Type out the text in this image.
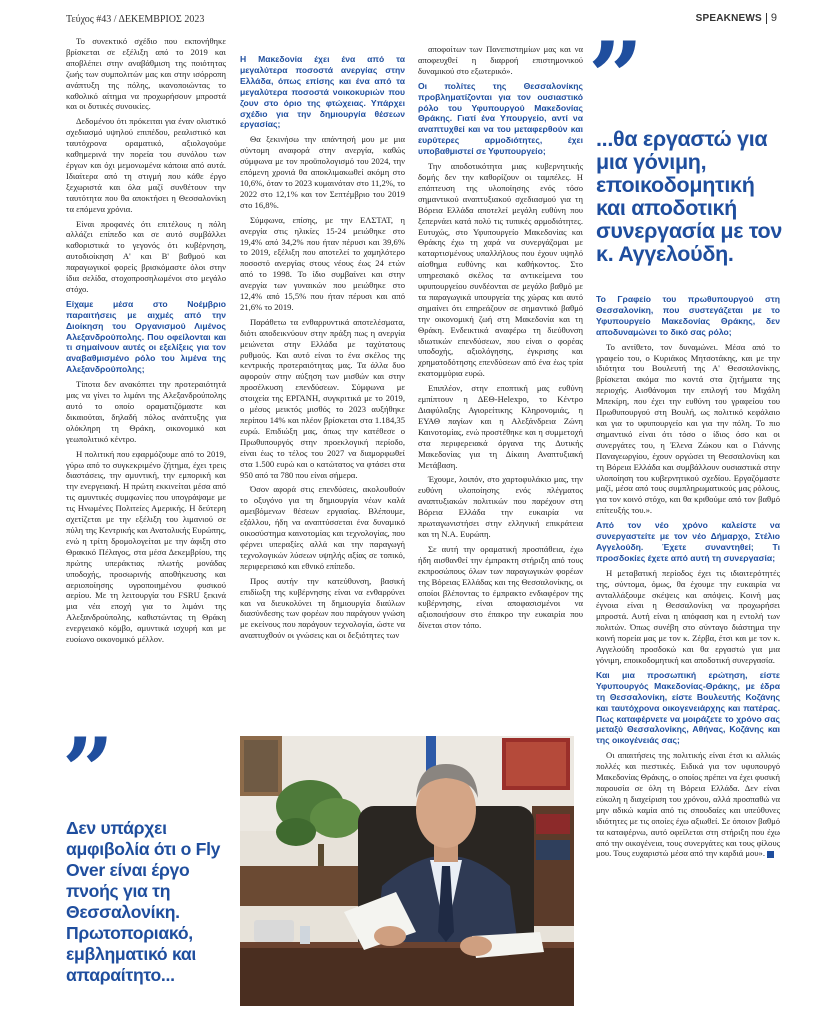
Τεύχος #43 / ΔΕΚΕΜΒΡΙΟΣ 2023	SPEAKNEWS 9

Το συνεκτικό σχέδιο που εκπονήθηκε βρίσκεται σε εξέλιξη από το 2019 και αποβλέπει στην αναβάθμιση της ποιότητας ζωής των συμπολιτών μας και στην ισόρροπη ανάπτυξη της πόλης, ικανοποιώντας το καθολικό αίτημα να προχωρήσουν μπροστά και οι δυτικές συνοικίες.

Δεδομένου ότι πρόκειται για έναν ολιστικό σχεδιασμό υψηλού επιπέδου, ρεαλιστικό και ταυτόχρονα οραματικό, αξιολογούμε καθημερινά την πορεία του συνόλου των έργων και όχι μεμονωμένα κάποια από αυτά. Ιδιαίτερα από τη στιγμή που κάθε έργο ξεχωριστά και όλα μαζί συνθέτουν την ταυτότητα που θα αποκτήσει η Θεσσαλονίκη τα επόμενα χρόνια.

Είναι προφανές ότι επιτέλους η πόλη αλλάζει επίπεδο και σε αυτό συμβάλλει καθοριστικά το γεγονός ότι κυβέρνηση, αυτοδιοίκηση Α' και Β' βαθμού και παραγωγικοί φορείς βρισκόμαστε όλοι στην ίδια σελίδα, στοχοπροσηλωμένοι στο μεγάλο στόχο.

Είχαμε μέσα στο Νοέμβριο παραιτήσεις με αιχμές από την Διοίκηση του Οργανισμού Λιμένος Αλεξανδρούπολης. Που οφείλονται και τι σημαίνουν αυτές οι εξελίξεις για τον αναβαθμισμένο ρόλο του λιμένα της Αλεξανδρούπολης;

Τίποτα δεν ανακόπτει την προτεραιότητά μας να γίνει το λιμάνι της Αλεξανδρούπολης αυτό το οποίο οραματιζόμαστε και δικαιούται, δηλαδή πόλος ανάπτυξης για ολόκληρη τη Θράκη, οικονομικό και γεωπολιτικό κέντρο.

Η πολιτική που εφαρμόζουμε από το 2019, γύρω από το συγκεκριμένο ζήτημα, έχει τρεις διαστάσεις, την αμυντική, την εμπορική και την ενεργειακή. Η πρώτη εκκινείται μέσα από τις αμυντικές συμφωνίες που υπογράψαμε με τις Ηνωμένες Πολιτείες Αμερικής. Η δεύτερη σχετίζεται με την εξέλιξη του λιμανιού σε πύλη της Κεντρικής και Ανατολικής Ευρώπης, ενώ η τρίτη δρομολογείται με την άφιξη στο Θρακικό Πέλαγος, στα μέσα Δεκεμβρίου, της πρώτης υπεράκτιας πλωτής μονάδας υποδοχής, προσωρινής αποθήκευσης και αεριοποίησης υγροποιημένου φυσικού αερίου. Με τη λειτουργία του FSRU ξεκινά μια νέα εποχή για το λιμάνι της Αλεξανδρούπολης, καθιστώντας τη Θράκη ενεργειακό κόμβο, αμυντικά ισχυρή και με ευοίωνο οικονομικό μέλλον.

Η Μακεδονία έχει ένα από τα μεγαλύτερα ποσοστά ανεργίας στην Ελλάδα, όπως επίσης και ένα από τα μεγαλύτερα ποσοστά νοικοκυριών που ζουν στο όριο της φτώχειας. Υπάρχει σχέδιο για την δημιουργία θέσεων εργασίας;

Θα ξεκινήσω την απάντησή μου με μια σύντομη αναφορά στην ανεργία, καθώς σύμφωνα με τον προϋπολογισμό του 2024, την επόμενη χρονιά θα αποκλιμακωθεί ακόμη στο 10,6%, όταν το 2023 κυμαινόταν στο 11,2%, το 2022 στο 12,1% και τον Σεπτέμβριο του 2019 στο 16,8%.

Σύμφωνα, επίσης, με την ΕΛΣΤΑΤ, η ανεργία στις ηλικίες 15-24 μειώθηκε στο 19,4% από 34,2% που ήταν πέρυσι και 39,6% το 2019, εξέλιξη που αποτελεί το χαμηλότερο ποσοστό ανεργίας στους νέους έως 24 ετών από το 1998. Το ίδιο συμβαίνει και στην ανεργία των γυναικών που μειώθηκε στο 12,4% από 15,5% που ήταν πέρυσι και από 21,6% το 2019.

Παράθετω τα ενθαρρυντικά αποτελέσματα, διότι αποδεικνύουν στην πράξη πως η ανεργία μειώνεται στην Ελλάδα με ταχύτατους ρυθμούς. Και αυτό είναι το ένα σκέλος της κεντρικής προτεραιότητας μας. Τα άλλα δυο αφορούν στην αύξηση των μισθών και στην προσέλκυση επενδύσεων. Σύμφωνα με στοιχεία της ΕΡΓΑΝΗ, συγκριτικά με το 2019, ο μέσος μεικτός μισθός το 2023 αυξήθηκε περίπου 14% και πλέον βρίσκεται στα 1.184,35 ευρώ. Επιδιώξη μας, όπως την κατέθεσε ο Πρωθυπουργός στην προεκλογική περίοδο, είναι έως το τέλος του 2027 να διαμορφωθεί στα 1.500 ευρώ και ο κατώτατος να φτάσει στα 950 από τα 780 που είναι σήμερα.

Όσον αφορά στις επενδύσεις, ακολουθούν το οξυγόνο για τη δημιουργία νέων καλά αμειβόμενων θέσεων εργασίας. Βλέπουμε, εξάλλου, ήδη να αναπτύσσεται ένα δυναμικό οικοσύστημα καινοτομίας και τεχνολογίας, που φέρνει υπεραξίες αλλά και την παραγωγή τεχνολογικών λύσεων υψηλής αξίας σε τοπικό, περιφερειακό και εθνικό επίπεδο.

Προς αυτήν την κατεύθυνση, βασική επιδίωξη της κυβέρνησης είναι να ενθαρρύνει και να διευκολύνει τη δημιουργία διαύλων διασύνδεσης των φορέων που παράγουν γνώση με εκείνους που παράγουν τεχνολογία, ώστε να αναπτυχθούν οι γνώσεις και οι δεξιότητες των

αποφοίτων των Πανεπιστημίων μας και να αποφευχθεί η διαρροή επιστημονικού δυναμικού στο εξωτερικό».

Οι πολίτες της Θεσσαλονίκης προβληματίζονται για τον ουσιαστικό ρόλο του Υφυπουργού Μακεδονίας Θράκης. Γιατί ένα Υπουργείο, αντί να αναπτυχθεί και να του μεταφερθούν και ευρύτερες αρμοδιότητες, έχει υποβαθμιστεί σε Υφυπουργείο;

Την αποδοτικότητα μιας κυβερνητικής δομής δεν την καθορίζουν οι ταμπέλες. Η επόπτευση της υλοποίησης ενός τόσο σημαντικού αναπτυξιακού σχεδιασμού για τη Βόρεια Ελλάδα αποτελεί μεγάλη ευθύνη που ξεπερνάει κατά πολύ τις τυπικές αρμοδιότητες. Ευτυχώς, στο Υφυπουργείο Μακεδονίας και Θράκης έχω τη χαρά να συνεργάζομαι με καταρτισμένους υπαλλήλους που έχουν υψηλό αίσθημα ευθύνης και καθήκοντος. Στο υπηρεσιακό σκέλος τα αντικείμενα του υφυπουργείου συνδέονται σε μεγάλο βαθμό με τα παραγωγικά υπουργεία της χώρας και αυτό σημαίνει ότι επηρεάζουν σε σημαντικό βαθμό την οικονομική ζωή στη Μακεδονία και τη Θράκη. Ενδεικτικά αναφέρω τη διεύθυνση ιδιωτικών επενδύσεων, που είναι ο φορέας υποδοχής, αξιολόγησης, έγκρισης και χρηματοδότησης επενδύσεων από ένα έως τρία εκατομμύρια ευρώ.

Επιπλέον, στην εποπτική μας ευθύνη εμπίπτουν η ΔΕΘ-Helexpo, το Κέντρο Διαφύλαξης Αγιορείτικης Κληρονομιάς, η ΕΥΑΘ παγίων και η Αλεξάνδρεια Ζώνη Καινοτομίας, ενώ προστέθηκε και η συμμετοχή στα περιφερειακά όργανα της Δυτικής Μακεδονίας για τη Δίκαιη Αναπτυξιακή Μετάβαση.

Έχουμε, λοιπόν, στο χαρτοφυλάκιο μας, την ευθύνη υλοποίησης ενός πλέγματος αναπτυξιακών πολιτικών που παρέχουν στη Βόρεια Ελλάδα την ευκαιρία να πρωταγωνιστήσει στην ελληνική επικράτεια και τη Ν.Α. Ευρώπη.

Σε αυτή την οραματική προσπάθεια, έχω ήδη αισθανθεί την έμπρακτη στήριξη από τους εκπροσώπους όλων των παραγωγικών φορέων της Βόρειας Ελλάδας και της Θεσσαλονίκης, οι οποίοι βλέποντας το έμπρακτο ενδιαφέρον της κυβέρνησης, είναι αποφασισμένοι να αξιοποιήσουν στο έπακρο την ευκαιρία που δίνεται στον τόπο.

Το Γραφείο του πρωθυπουργού στη Θεσσαλονίκη, που συστεγάζεται με το Υφυπουργείο Μακεδονίας Θράκης, δεν αποδυναμώνει το δικό σας ρόλο;

Το αντίθετο, τον δυναμώνει. Μέσα από το γραφείο του, ο Κυριάκος Μητσοτάκης, και με την ιδιότητα του Βουλευτή της Α' Θεσσαλονίκης, βρίσκεται ακόμα πιο κοντά στα ζητήματα της περιοχής. Αισθάνομαι την επιλογή του Μιχάλη Μπεκίρη, που έχει την ευθύνη του γραφείου του Πρωθυπουργού στη Βουλή, ως πολιτικό κεφάλαιο και για το υφυπουργείο και για την πόλη. Το πιο σημαντικό είναι ότι τόσο ο ίδιος όσο και οι συνεργάτες του, η Έλενα Ζώκου και ο Γιάννης Παναγεωργίου, έχουν οργώσει τη Θεσσαλονίκη και τη Βόρεια Ελλάδα και συμβάλλουν ουσιαστικά στην υλοποίηση του κυβερνητικού σχεδίου. Εργαζόμαστε μαζί, μέσα από τους συμπληρωματικούς μας ρόλους, για τον κοινό στόχο, και θα κριθούμε από τον βαθμό επίτευξής του.».

Από τον νέο χρόνο καλείστε να συνεργαστείτε με τον νέο Δήμαρχο, Στέλιο Αγγελούδη. Έχετε συναντηθεί; Τι προσδοκίες έχετε από αυτή τη συνεργασία;

Η μεταβατική περίοδος έχει τις ιδιαιτερότητές της, σύντομα, όμως, θα έχουμε την ευκαιρία να ανταλλάξουμε σκέψεις και απόψεις. Κοινή μας έγνοια είναι η Θεσσαλονίκη να προχωρήσει μπροστά. Αυτή είναι η απόφαση και η εντολή των πολιτών. Όπως συνέβη στο σύνταγο διάστημα την κοινή πορεία μας με τον κ. Ζέρβα, έτσι και με τον κ. Αγγελούδη προσδοκώ και θα εργαστώ για μια γόνιμη, εποικοδομητική και αποδοτική συνεργασία.

Και μια προσωπική ερώτηση, είστε Υφυπουργός Μακεδονίας-Θράκης, με έδρα τη Θεσσαλονίκη, είστε Βουλευτής Κοζάνης και ταυτόχρονα οικογενειάρχης και πατέρας. Πως καταφέρνετε να μοιράζετε το χρόνο σας μεταξύ Θεσσαλονίκης, Αθήνας, Κοζάνης και της οικογένειάς σας;

Οι απαιτήσεις της πολιτικής είναι έτσι κι αλλιώς πολλές και πιεστικές. Ειδικά για τον υφυπουργό Μακεδονίας Θράκης, ο οποίος πρέπει να έχει φυσική παρουσία σε όλη τη Βόρεια Ελλάδα. Δεν είναι εύκολη η διαχείριση του χρόνου, αλλά προσπαθώ να μην αδικώ καμία από τις σπουδαίες και υπεύθυνες ιδιότητες με τις οποίες έχω αξιωθεί. Σε όποιον βαθμό τα καταφέρνω, αυτό οφείλεται στη στήριξη που έχω από την οικογένεια, τους συνεργάτες και τους φίλους μου. Τους ευχαριστώ μέσα από την καρδιά μου».

”
...θα εργαστώ για μια γόνιμη, εποικοδομητική και αποδοτική συνεργασία με τον κ. Αγγελούδη.
”
Δεν υπάρχει αμφιβολία ότι ο Fly Over είναι έργο πνοής για τη Θεσσαλονίκη. Πρωτοποριακό, εμβληματικό και απαραίτητο...
